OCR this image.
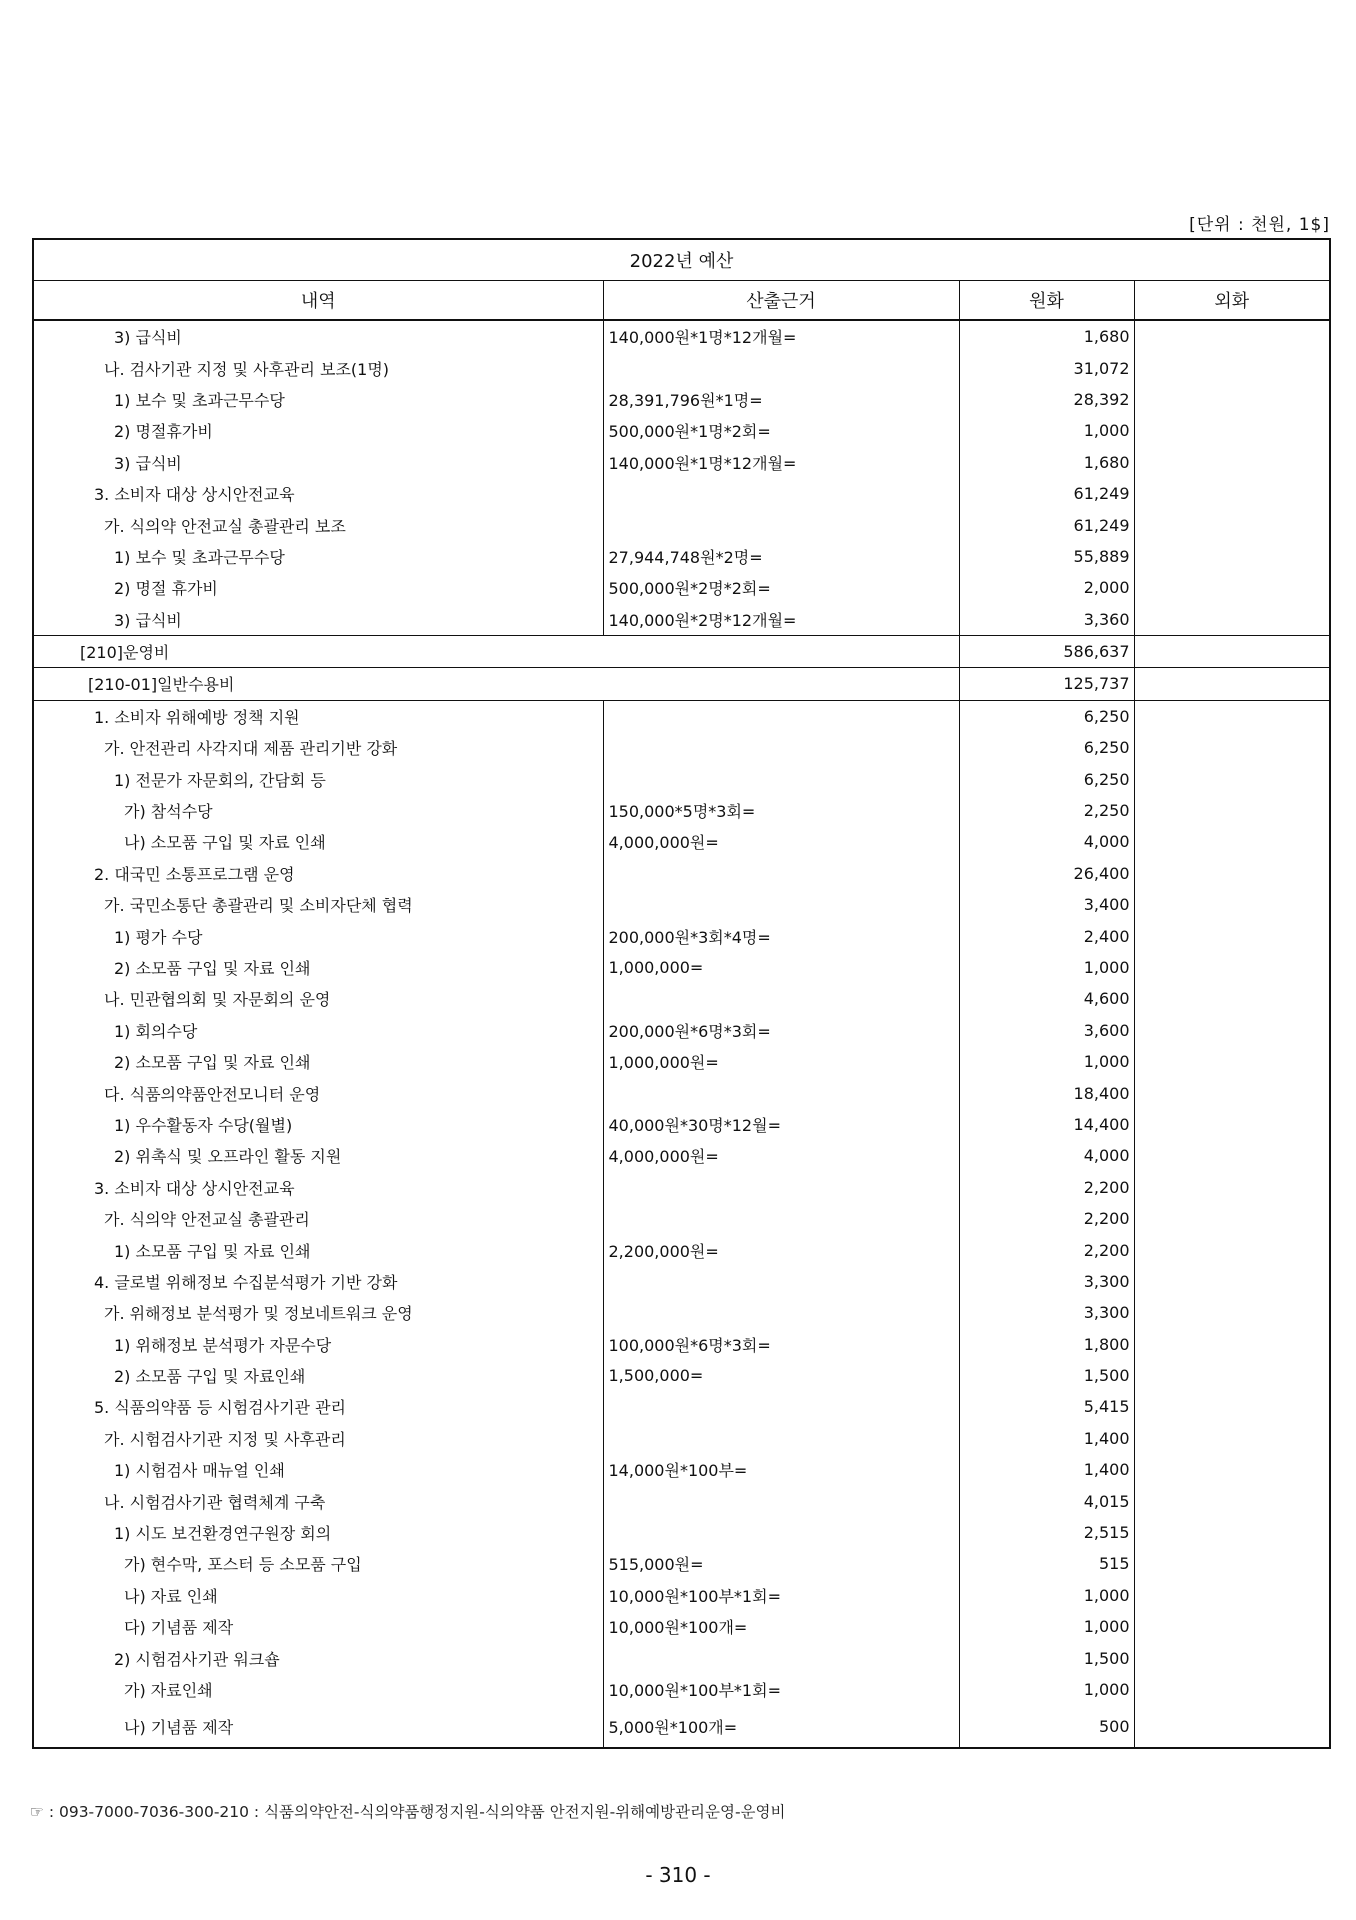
[단위 : 천원, 1$]
2022년 예산			
내역	산출근거	원화	외화
3) 급식비	140,000원*1명*12개월=	1,680	
나. 검사기관 지정 및 사후관리 보조(1명)		31,072	
1) 보수 및 초과근무수당	28,391,796원*1명=	28,392	
2) 명절휴가비	500,000원*1명*2회=	1,000	
3) 급식비	140,000원*1명*12개월=	1,680	
3. 소비자 대상 상시안전교육		61,249	
가. 식의약 안전교실 총괄관리 보조		61,249	
1) 보수 및 초과근무수당	27,944,748원*2명=	55,889	
2) 명절 휴가비	500,000원*2명*2회=	2,000	
3) 급식비	140,000원*2명*12개월=	3,360	
[210]운영비		586,637	
[210-01]일반수용비		125,737	
1. 소비자 위해예방 정책 지원		6,250	
가. 안전관리 사각지대 제품 관리기반 강화		6,250	
1) 전문가 자문회의, 간담회 등		6,250	
가) 참석수당	150,000*5명*3회=	2,250	
나) 소모품 구입 및 자료 인쇄	4,000,000원=	4,000	
2. 대국민 소통프로그램 운영		26,400	
가. 국민소통단 총괄관리 및 소비자단체 협력		3,400	
1) 평가 수당	200,000원*3회*4명=	2,400	
2) 소모품 구입 및 자료 인쇄	1,000,000=	1,000	
나. 민관협의회 및 자문회의 운영		4,600	
1) 회의수당	200,000원*6명*3회=	3,600	
2) 소모품 구입 및 자료 인쇄	1,000,000원=	1,000	
다. 식품의약품안전모니터 운영		18,400	
1) 우수활동자 수당(월별)	40,000원*30명*12월=	14,400	
2) 위촉식 및 오프라인 활동 지원	4,000,000원=	4,000	
3. 소비자 대상 상시안전교육		2,200	
가. 식의약 안전교실 총괄관리		2,200	
1) 소모품 구입 및 자료 인쇄	2,200,000원=	2,200	
4. 글로벌 위해정보 수집분석평가 기반 강화		3,300	
가. 위해정보 분석평가 및 정보네트워크 운영		3,300	
1) 위해정보 분석평가 자문수당	100,000원*6명*3회=	1,800	
2) 소모품 구입 및 자료인쇄	1,500,000=	1,500	
5. 식품의약품 등 시험검사기관 관리		5,415	
가. 시험검사기관 지정 및 사후관리		1,400	
1) 시험검사 매뉴얼 인쇄	14,000원*100부=	1,400	
나. 시험검사기관 협력체계 구축		4,015	
1) 시도 보건환경연구원장 회의		2,515	
가) 현수막, 포스터 등 소모품 구입	515,000원=	515	
나) 자료 인쇄	10,000원*100부*1회=	1,000	
다) 기념품 제작	10,000원*100개=	1,000	
2) 시험검사기관 워크숍		1,500	
가) 자료인쇄	10,000원*100부*1회=	1,000	
나) 기념품 제작	5,000원*100개=	500	
☞ : 093-7000-7036-300-210 : 식품의약안전-식의약품행정지원-식의약품 안전지원-위해예방관리운영-운영비
- 310 -
